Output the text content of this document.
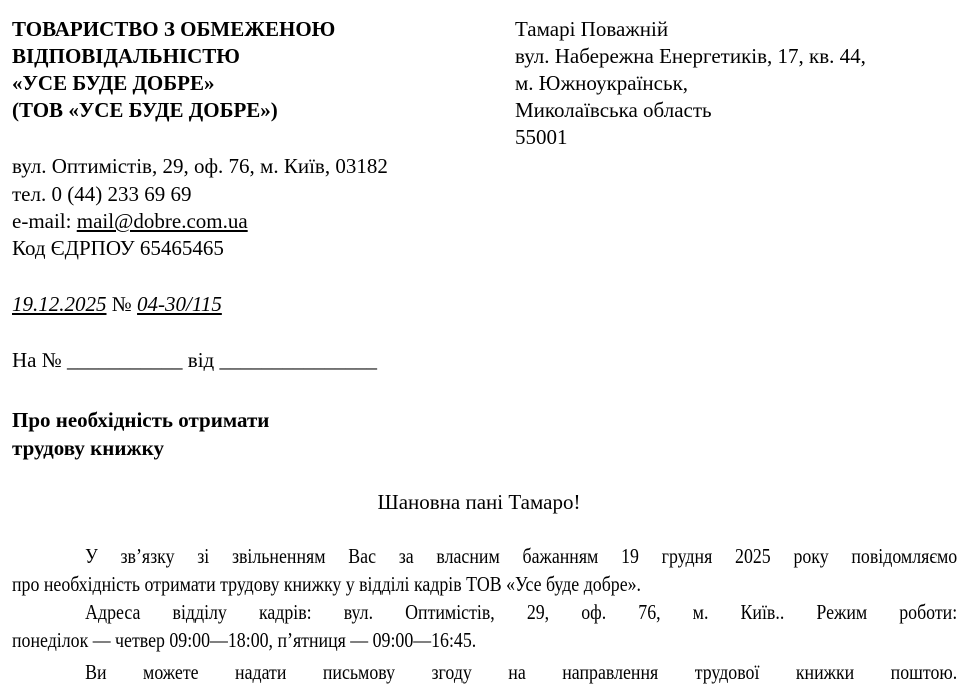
ТОВАРИСТВО З ОБМЕЖЕНОЮ
ВІДПОВІДАЛЬНІСТЮ
«УСЕ БУДЕ ДОБРЕ»
(ТОВ «УСЕ БУДЕ ДОБРЕ»)
вул. Оптимістів, 29, оф. 76, м. Київ, 03182
тел. 0 (44) 233 69 69
e-mail: mail@dobre.com.ua
Код ЄДРПОУ 65465465
Тамарі Поважній
вул. Набережна Енергетиків, 17, кв. 44,
м. Южноукраїнськ,
Миколаївська область
55001
19.12.2025 № 04-30/115
На № ___________ від _______________
Про необхідність отримати
трудову книжку
Шановна пані Тамаро!
У зв’язку зі звільненням Вас за власним бажанням 19 грудня 2025 року повідомляємо
про необхідність отримати трудову книжку у відділі кадрів ТОВ «Усе буде добре».
Адреса відділу кадрів: вул. Оптимістів, 29, оф. 76, м. Київ.. Режим роботи:
понеділок — четвер 09:00—18:00, п’ятниця — 09:00—16:45.
Ви можете надати письмову згоду на направлення трудової книжки поштою.
